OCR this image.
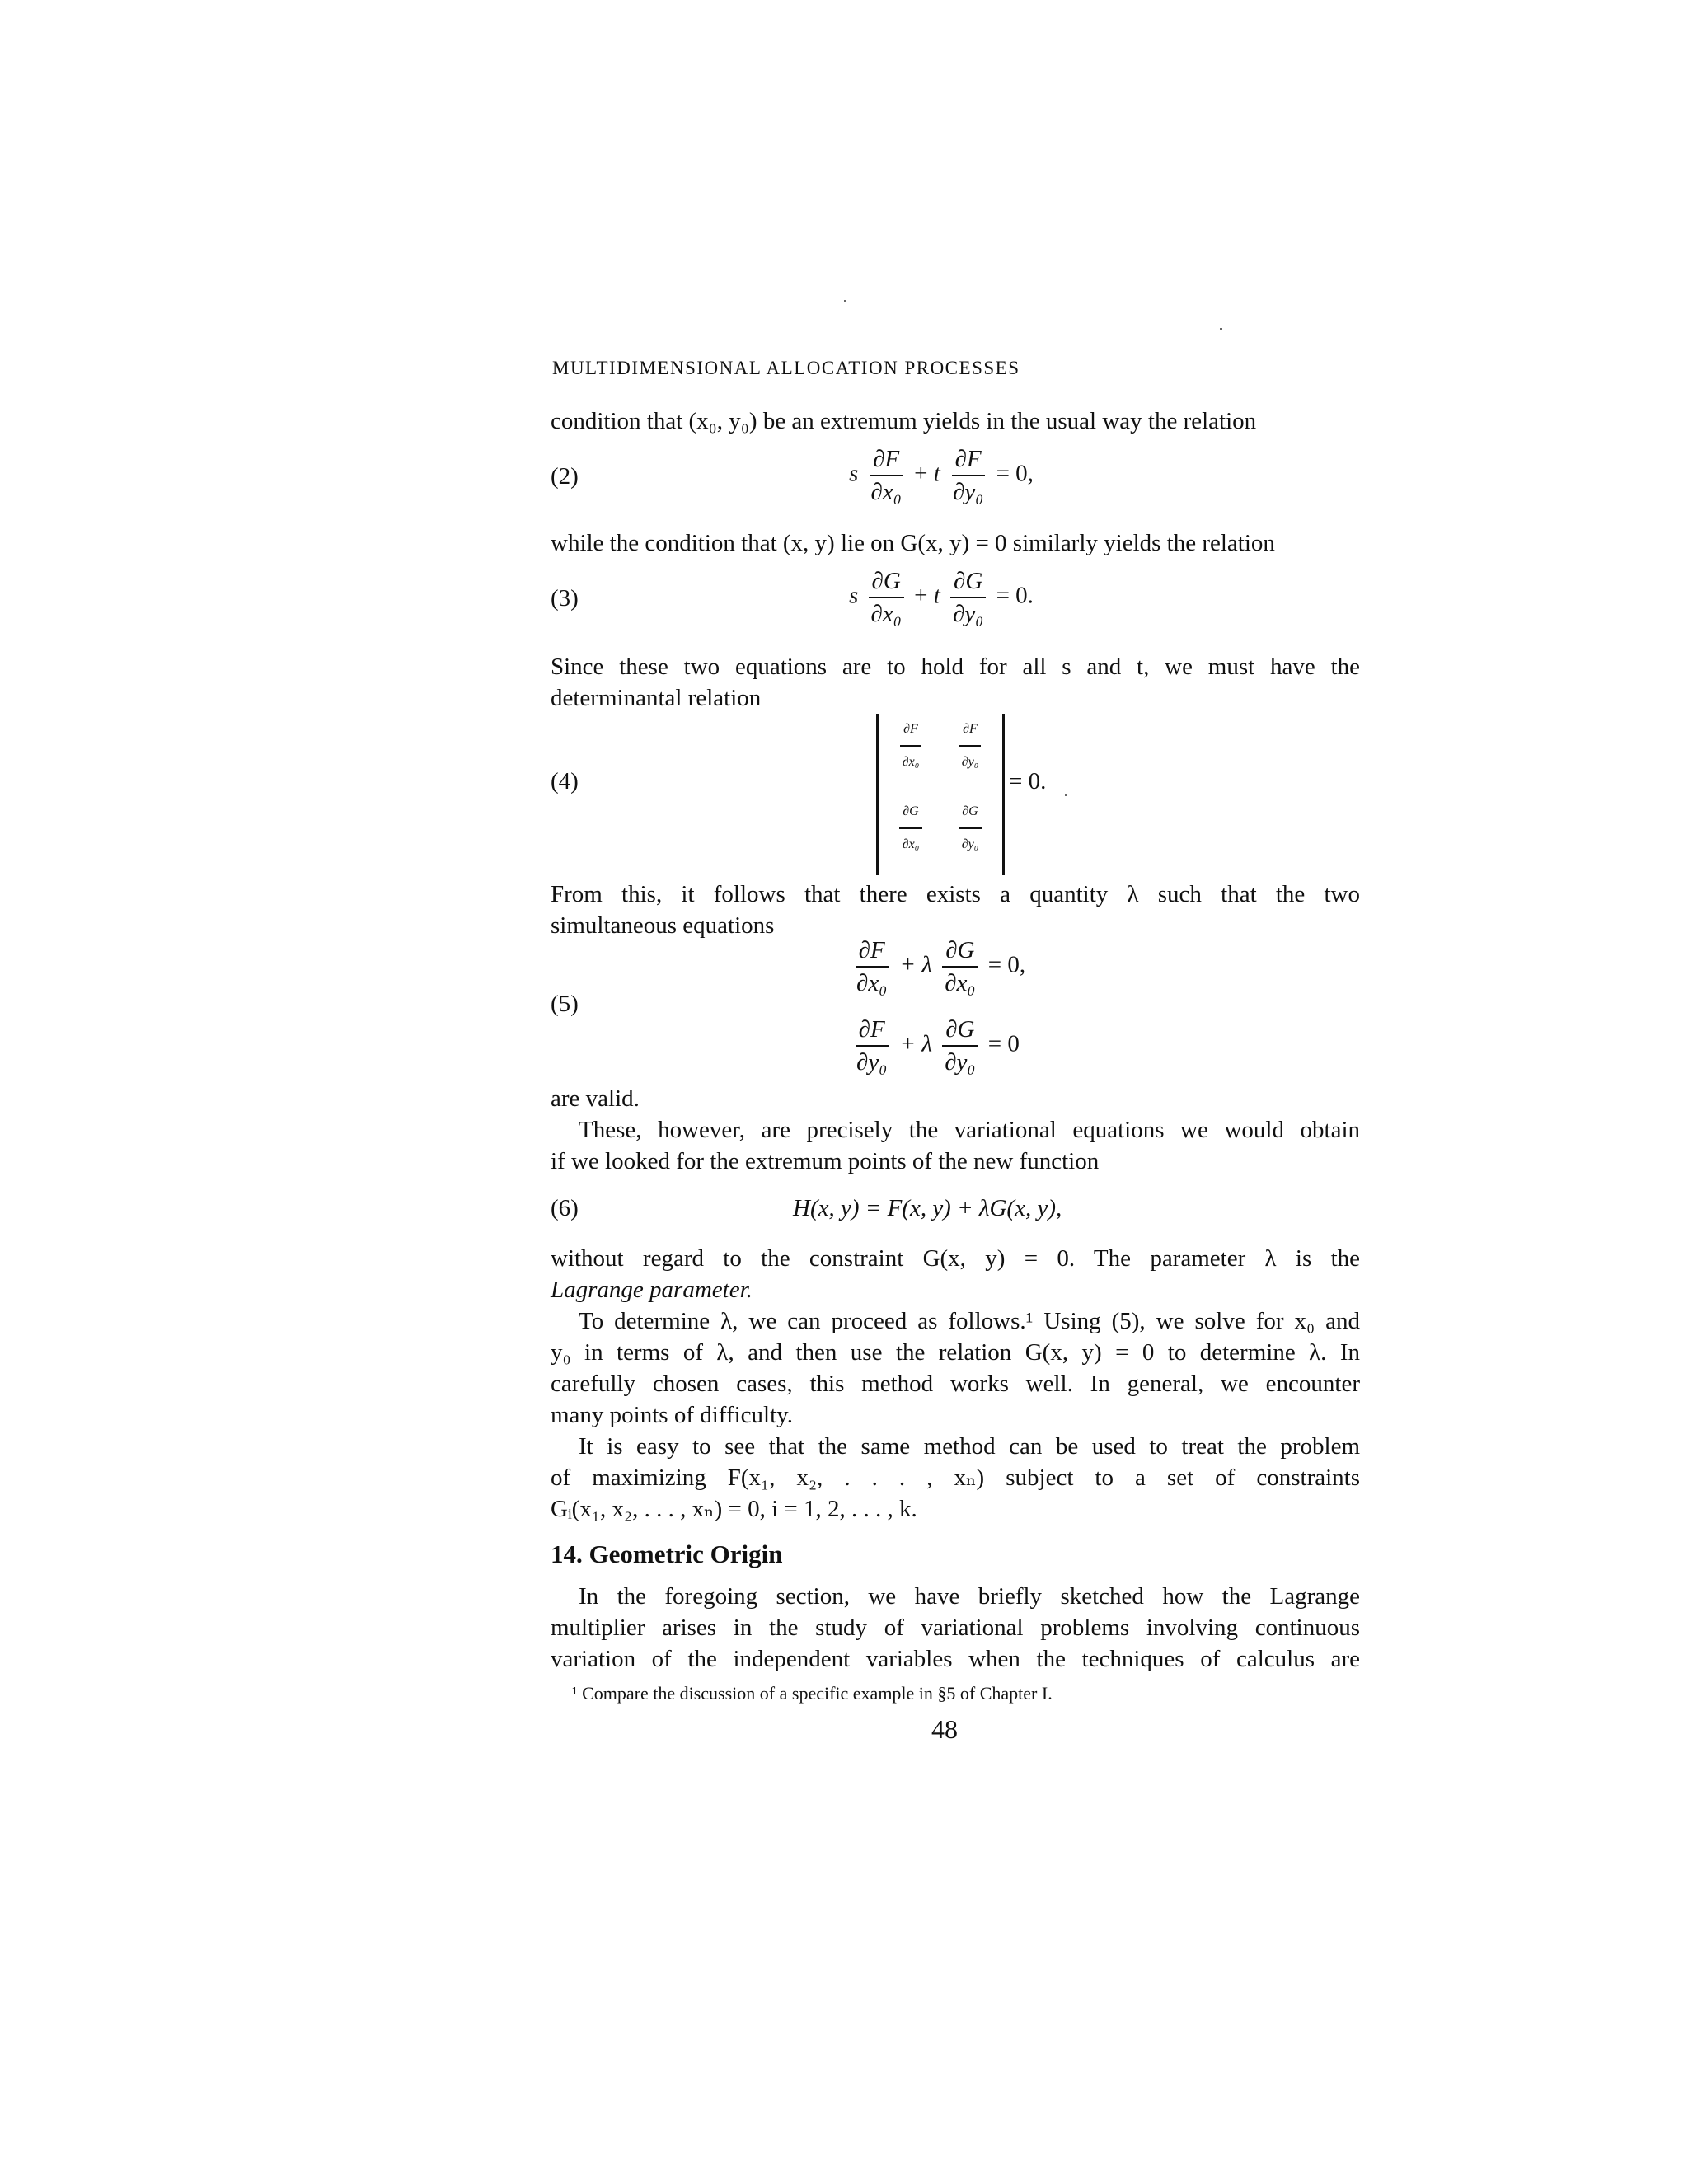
MULTIDIMENSIONAL ALLOCATION PROCESSES
condition that (x₀, y₀) be an extremum yields in the usual way the relation
(2)	s $\frac{\partial F}{\text{∂x₀}} + t \frac{\partial F}{\text{∂y₀}} = 0$,
while the condition that (x, y) lie on G(x, y) = 0 similarly yields the relation
(3)	s $\frac{\partial G}{\text{∂x₀}} + t \frac{\partial G}{\text{∂y₀}} = 0$.
Since these two equations are to hold for all s and t, we must have the
determinantal relation
(4)
$\frac{\partial F}{\text{∂x₀}}$	$\frac{\partial F}{\text{∂y₀}}$
$\frac{\partial G}{\text{∂x₀}}$	$\frac{\partial G}{\text{∂y₀}}$
= 0.
From this, it follows that there exists a quantity λ such that the two
simultaneous equations
(5)
$\frac{\partial F}{\text{∂x₀}} + \lambda \frac{\partial G}{\text{∂x₀}} = 0$,
$\frac{\partial F}{\text{∂y₀}} + \lambda \frac{\partial G}{\text{∂y₀}} = 0$
are valid.
These, however, are precisely the variational equations we would obtain
if we looked for the extremum points of the new function
(6)	H(x, y) = F(x, y) + λG(x, y),
without regard to the constraint G(x, y) = 0. The parameter λ is the
Lagrange parameter.
To determine λ, we can proceed as follows.¹ Using (5), we solve for x₀ and
y₀ in terms of λ, and then use the relation G(x, y) = 0 to determine λ. In
carefully chosen cases, this method works well. In general, we encounter
many points of difficulty.
It is easy to see that the same method can be used to treat the problem
of maximizing F(x₁, x₂, . . . , xₙ) subject to a set of constraints
Gᵢ(x₁, x₂, . . . , xₙ) = 0, i = 1, 2, . . . , k.
14. Geometric Origin
In the foregoing section, we have briefly sketched how the Lagrange
multiplier arises in the study of variational problems involving continuous
variation of the independent variables when the techniques of calculus are
¹ Compare the discussion of a specific example in §5 of Chapter I.
48
